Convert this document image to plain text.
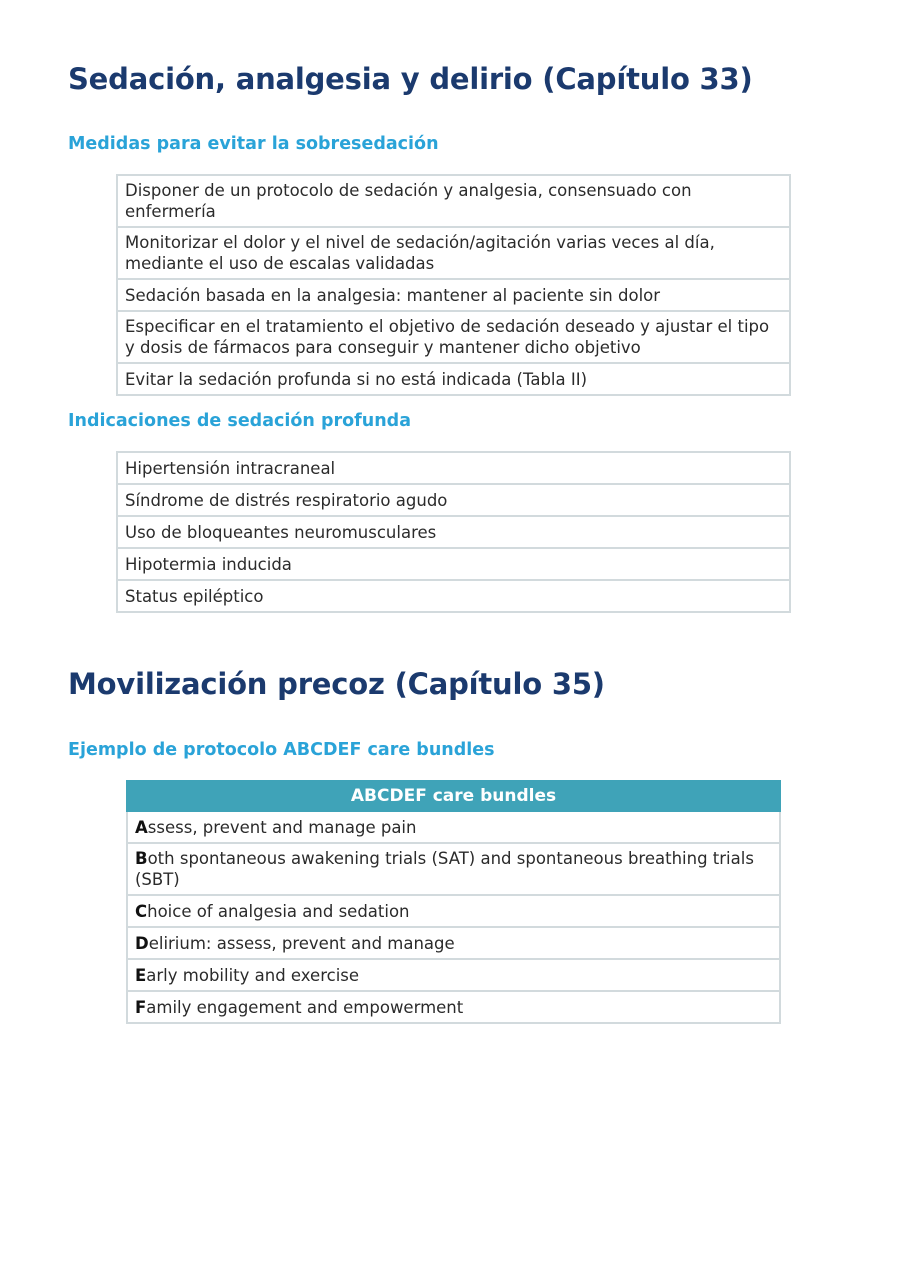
Sedación, analgesia y delirio (Capítulo 33)
Medidas para evitar la sobresedación
Disponer de un protocolo de sedación y analgesia, consensuado con enfermería
Monitorizar el dolor y el nivel de sedación/agitación varias veces al día, mediante el uso de escalas validadas
Sedación basada en la analgesia: mantener al paciente sin dolor
Especificar en el tratamiento el objetivo de sedación deseado y ajustar el tipo y dosis de fármacos para conseguir y mantener dicho objetivo
Evitar la sedación profunda si no está indicada (Tabla II)
Indicaciones de sedación profunda
Hipertensión intracraneal
Síndrome de distrés respiratorio agudo
Uso de bloqueantes neuromusculares
Hipotermia inducida
Status epiléptico
Movilización precoz (Capítulo 35)
Ejemplo de protocolo ABCDEF care bundles
ABCDEF care bundles
Assess, prevent and manage pain
Both spontaneous awakening trials (SAT) and spontaneous breathing trials (SBT)
Choice of analgesia and sedation
Delirium: assess, prevent and manage
Early mobility and exercise
Family engagement and empowerment
